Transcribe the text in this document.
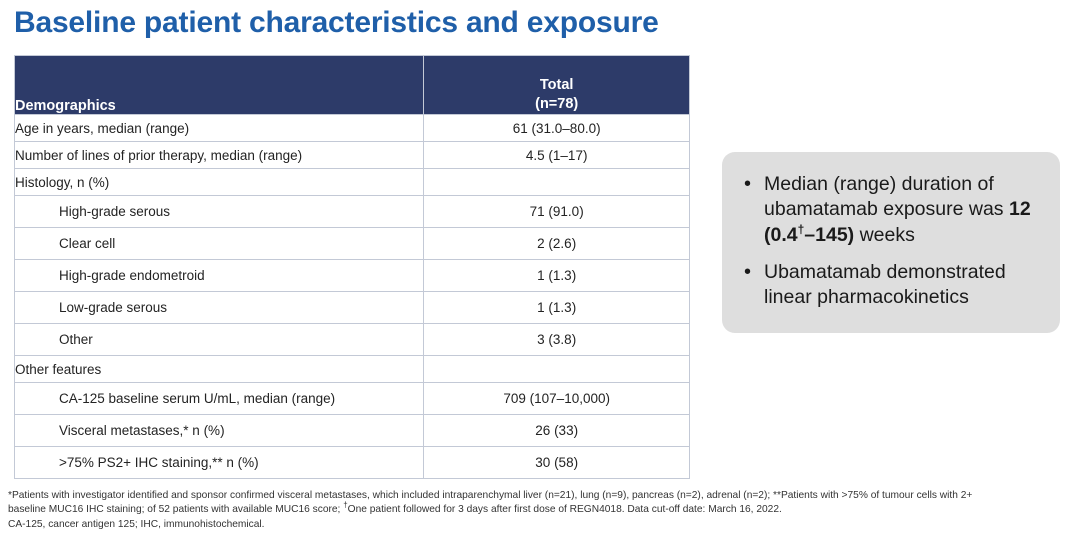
Baseline patient characteristics and exposure
Demographics	Total
(n=78)

Age in years, median (range)	61 (31.0–80.0)
Number of lines of prior therapy, median (range)	4.5 (1–17)
Histology, n (%)	
High-grade serous	71 (91.0)
Clear cell	2 (2.6)
High-grade endometroid	1 (1.3)
Low-grade serous	1 (1.3)
Other	3 (3.8)
Other features	
CA-125 baseline serum U/mL, median (range)	709 (107–10,000)
Visceral metastases,* n (%)	26 (33)
>75% PS2+ IHC staining,** n (%)	30 (58)
• Median (range) duration of ubamatamab exposure was 12 (0.4†–145) weeks
• Ubamatamab demonstrated linear pharmacokinetics
*Patients with investigator identified and sponsor confirmed visceral metastases, which included intraparenchymal liver (n=21), lung (n=9), pancreas (n=2), adrenal (n=2); **Patients with >75% of tumour cells with 2+
baseline MUC16 IHC staining; of 52 patients with available MUC16 score; †One patient followed for 3 days after first dose of REGN4018. Data cut-off date: March 16, 2022.
CA-125, cancer antigen 125; IHC, immunohistochemical.
